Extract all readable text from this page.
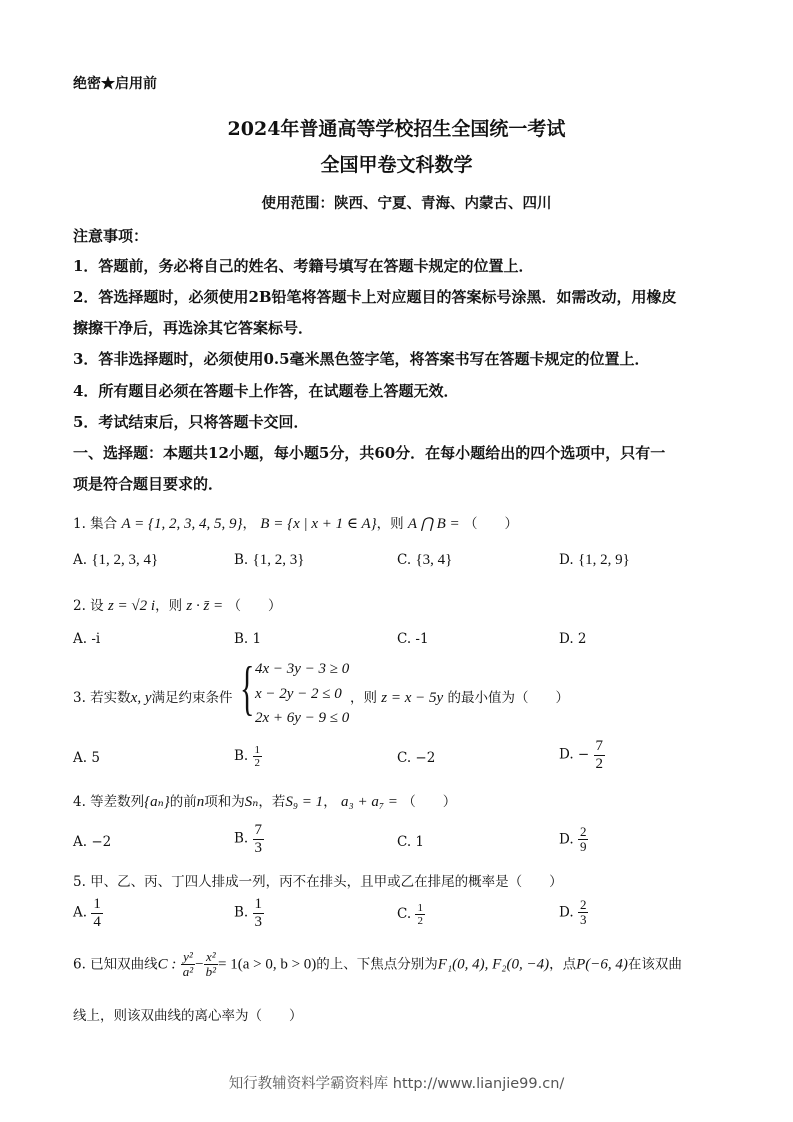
绝密★启用前
2024年普通高等学校招生全国统一考试
全国甲卷文科数学
使用范围：陕西、宁夏、青海、内蒙古、四川
注意事项：
1．答题前，务必将自己的姓名、考籍号填写在答题卡规定的位置上．
2．答选择题时，必须使用2B铅笔将答题卡上对应题目的答案标号涂黑．如需改动，用橡皮
擦擦干净后，再选涂其它答案标号．
3．答非选择题时，必须使用0.5毫米黑色签字笔，将答案书写在答题卡规定的位置上．
4．所有题目必须在答题卡上作答，在试题卷上答题无效．
5．考试结束后，只将答题卡交回．
一、选择题：本题共12小题，每小题5分，共60分．在每小题给出的四个选项中，只有一
项是符合题目要求的．
1. 集合 A = {1, 2, 3, 4, 5, 9}， B = {x | x + 1 ∈ A}，则 A ⋂ B = （　　）
A. {1, 2, 3, 4}	B. {1, 2, 3}	C. {3, 4}	D. {1, 2, 9}
2. 设 z = √2 i，则 z · z̄ = （　　）
A. -i	B. 1	C. -1	D. 2
3. 若实数x, y满足约束条件 { 4x − 3y − 3 ≥ 0
x − 2y − 2 ≤ 0
2x + 6y − 9 ≤ 0
，则 z = x − 5y 的最小值为（　　）
A. 5	B. $\frac{1}{2}$	C. −2	D. − $\frac{7}{2}$
4. 等差数列{aₙ}的前n项和为Sₙ，若S₉ = 1， a₃ + a₇ = （　　）
A. −2	B. $\frac{7}{3}$	C. 1	D. $\frac{2}{9}$
5. 甲、乙、丙、丁四人排成一列，丙不在排头，且甲或乙在排尾的概率是（　　）
A. $\frac{1}{4}$	B. $\frac{1}{3}$	C. $\frac{1}{2}$	D. $\frac{2}{3}$
6. 已知双曲线C : $\frac{\text{y²}}{\text{a²}} - \frac{\text{x²}}{\text{b²}} = 1(a > 0$, b > 0)的上、下焦点分别为F₁(0, 4), F₂(0, −4)，点P(−6, 4)在该双曲
线上，则该双曲线的离心率为（　　）
知行教辅资料学霸资料库 http://www.lianjie99.cn/
